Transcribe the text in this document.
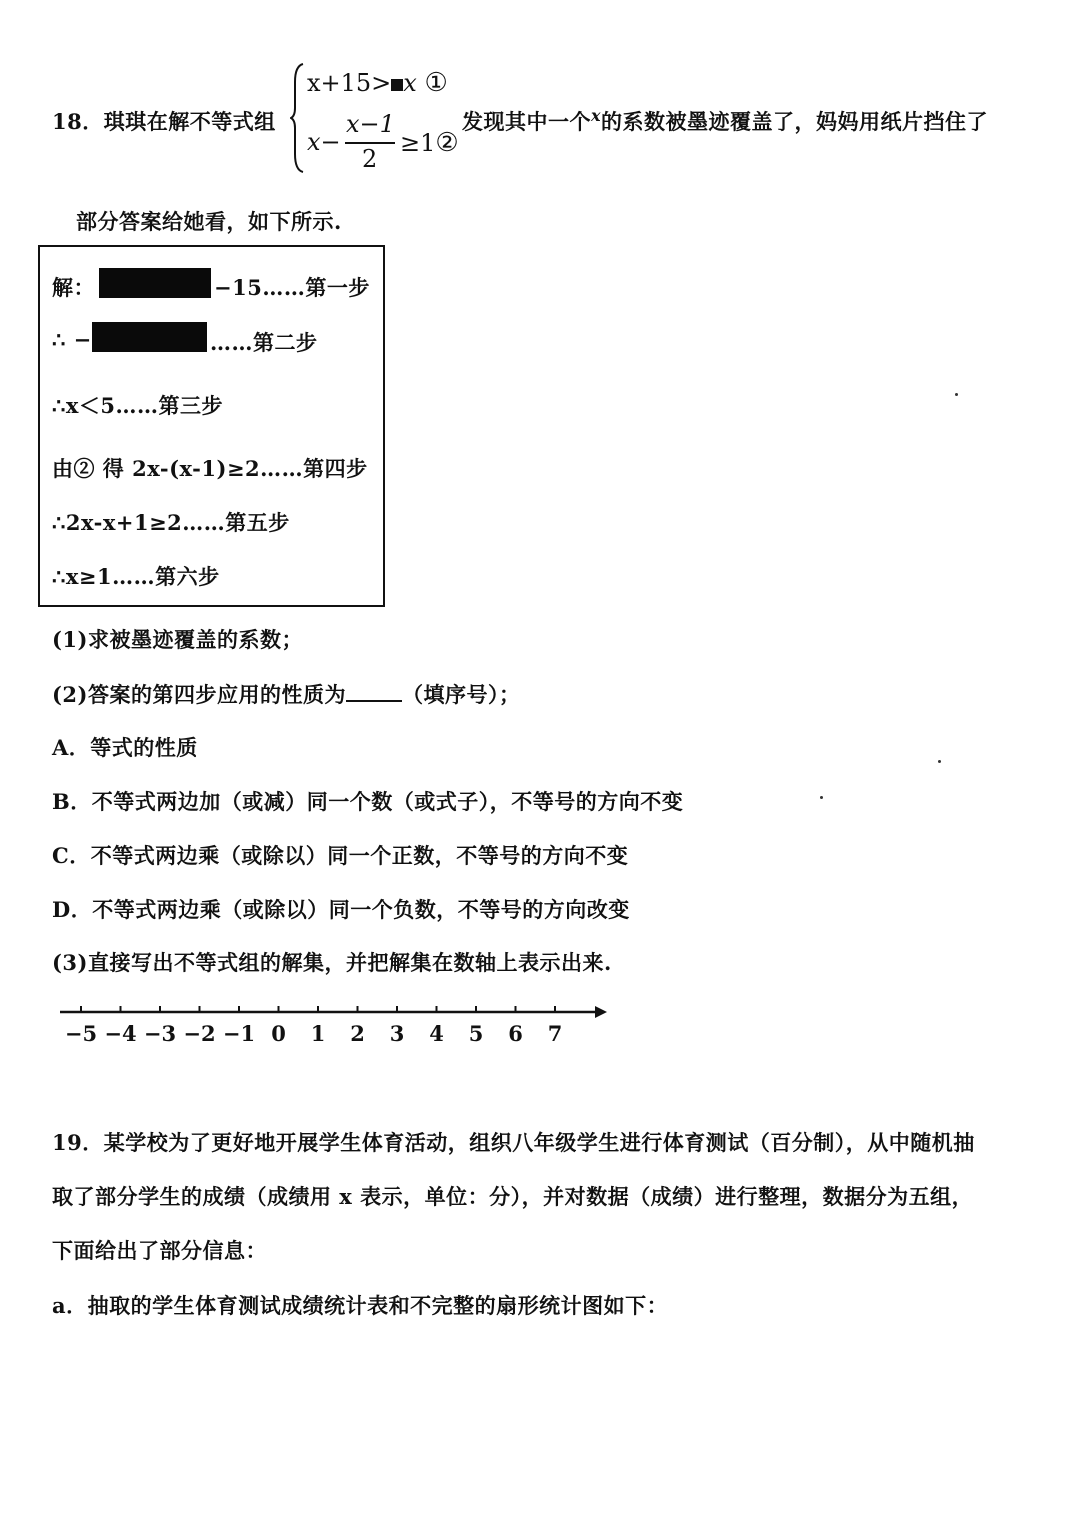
18．琪琪在解不等式组
x+15> x ①
x−
x−1
2
≥1②
发现其中一个$^x$的系数被墨迹覆盖了，妈妈用纸片挡住了
部分答案给她看，如下所示.
解：	−15……第一步
∴ −	……第二步
∴x＜5……第三步
由② 得 2x-(x-1)≥2……第四步
∴2x-x+1≥2……第五步
∴x≥1……第六步
(1)求被墨迹覆盖的系数；
(2)答案的第四步应用的性质为	（填序号）；
A．等式的性质
B．不等式两边加（或减）同一个数（或式子），不等号的方向不变
C．不等式两边乘（或除以）同一个正数，不等号的方向不变
D．不等式两边乘（或除以）同一个负数，不等号的方向改变
(3)直接写出不等式组的解集，并把解集在数轴上表示出来.
−5 −4 −3 −2 −1 0 1 2 3 4 5 6 7
19．某学校为了更好地开展学生体育活动，组织八年级学生进行体育测试（百分制），从中随机抽
取了部分学生的成绩（成绩用 x 表示，单位：分），并对数据（成绩）进行整理，数据分为五组，
下面给出了部分信息：
a．抽取的学生体育测试成绩统计表和不完整的扇形统计图如下：
